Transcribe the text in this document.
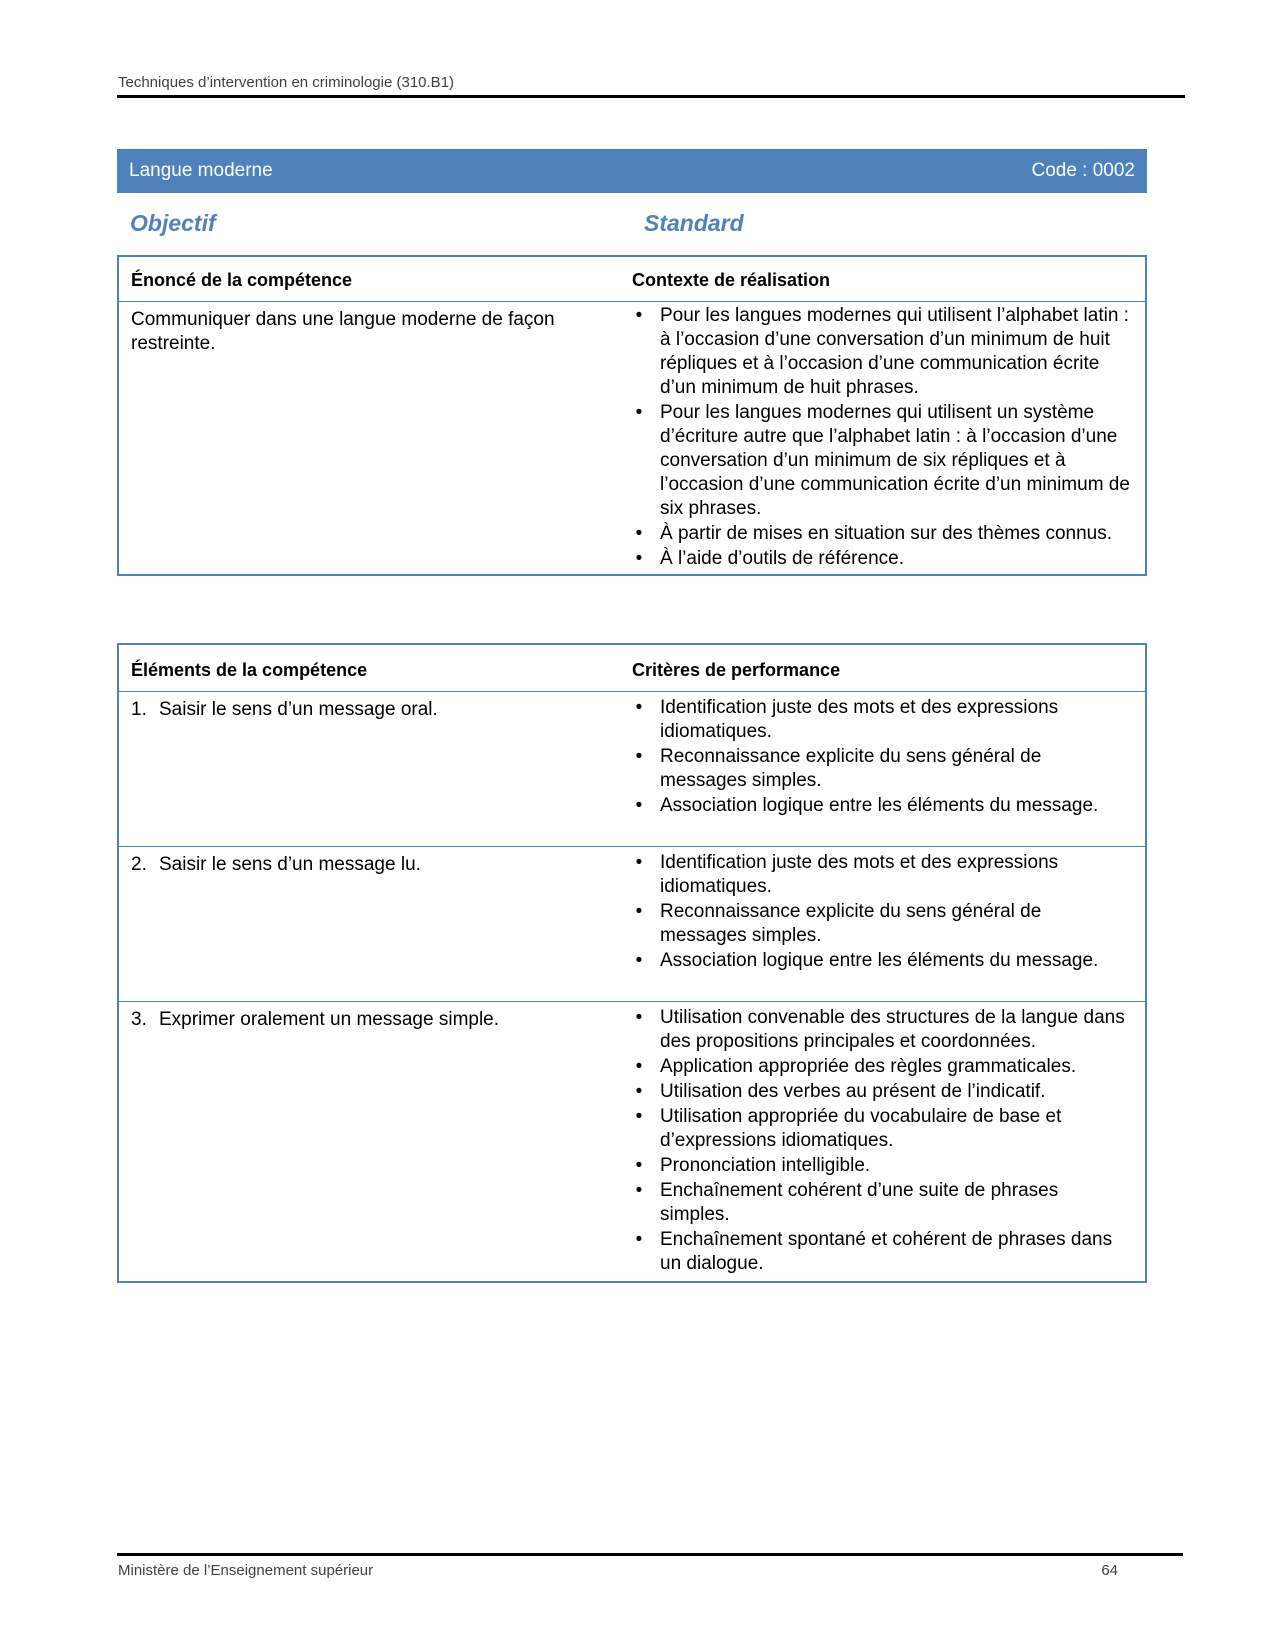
Techniques d’intervention en criminologie (310.B1)
Langue moderne	Code : 0002
Objectif	Standard
Énoncé de la compétence	Contexte de réalisation
Communiquer dans une langue moderne de façon restreinte.
• Pour les langues modernes qui utilisent l’alphabet latin : à l’occasion d’une conversation d’un minimum de huit répliques et à l’occasion d’une communication écrite d’un minimum de huit phrases.
• Pour les langues modernes qui utilisent un système d’écriture autre que l’alphabet latin : à l’occasion d’une conversation d’un minimum de six répliques et à l’occasion d’une communication écrite d’un minimum de six phrases.
• À partir de mises en situation sur des thèmes connus.
• À l’aide d’outils de référence.
Éléments de la compétence	Critères de performance
1. Saisir le sens d’un message oral.	• Identification juste des mots et des expressions idiomatiques.
• Reconnaissance explicite du sens général de messages simples.
• Association logique entre les éléments du message.
2. Saisir le sens d’un message lu.	• Identification juste des mots et des expressions idiomatiques.
• Reconnaissance explicite du sens général de messages simples.
• Association logique entre les éléments du message.
3. Exprimer oralement un message simple.	• Utilisation convenable des structures de la langue dans des propositions principales et coordonnées.
• Application appropriée des règles grammaticales.
• Utilisation des verbes au présent de l’indicatif.
• Utilisation appropriée du vocabulaire de base et d’expressions idiomatiques.
• Prononciation intelligible.
• Enchaînement cohérent d’une suite de phrases simples.
• Enchaînement spontané et cohérent de phrases dans un dialogue.
Ministère de l’Enseignement supérieur	64
